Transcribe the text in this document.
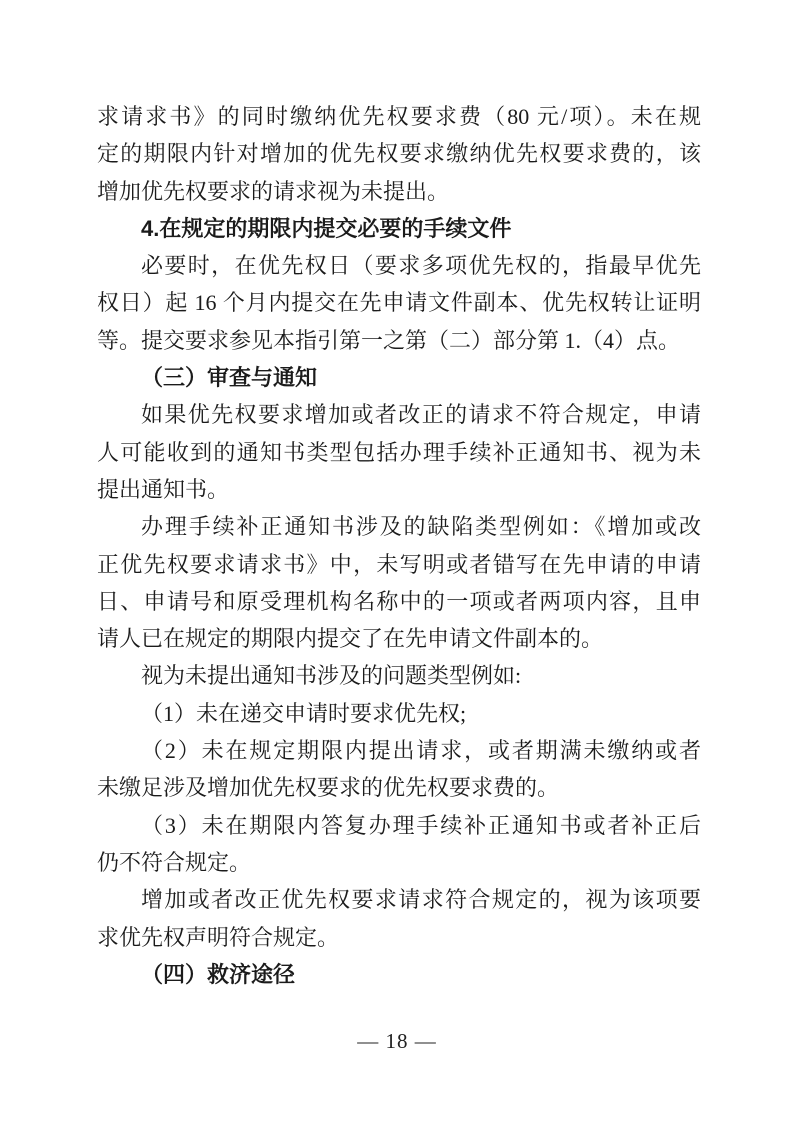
求请求书》的同时缴纳优先权要求费（80 元/项）。未在规
定的期限内针对增加的优先权要求缴纳优先权要求费的，该
增加优先权要求的请求视为未提出。
4.在规定的期限内提交必要的手续文件
必要时，在优先权日（要求多项优先权的，指最早优先
权日）起 16 个月内提交在先申请文件副本、优先权转让证明
等。提交要求参见本指引第一之第（二）部分第 1.（4）点。
（三）审查与通知
如果优先权要求增加或者改正的请求不符合规定，申请
人可能收到的通知书类型包括办理手续补正通知书、视为未
提出通知书。
办理手续补正通知书涉及的缺陷类型例如：《增加或改
正优先权要求请求书》中，未写明或者错写在先申请的申请
日、申请号和原受理机构名称中的一项或者两项内容，且申
请人已在规定的期限内提交了在先申请文件副本的。
视为未提出通知书涉及的问题类型例如:
（1）未在递交申请时要求优先权;
（2）未在规定期限内提出请求，或者期满未缴纳或者
未缴足涉及增加优先权要求的优先权要求费的。
（3）未在期限内答复办理手续补正通知书或者补正后
仍不符合规定。
增加或者改正优先权要求请求符合规定的，视为该项要
求优先权声明符合规定。
（四）救济途径
— 18 —
